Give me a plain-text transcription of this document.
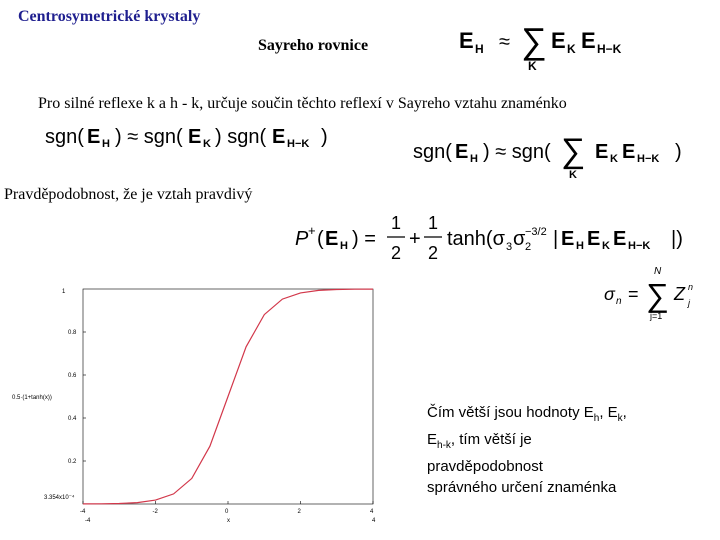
Centrosymetrické krystaly
Sayreho rovnice	E H ≈ ∑
K
E K E H−K
Pro silné reflexe k a h - k, určuje součin těchto reflexí v Sayreho vztahu znaménko
sgn( E H ) ≈ sgn( E K ) sgn( E H−K )
sgn( E H ) ≈ sgn( ∑
K
E K E H−K )
Pravděpodobnost, že je vztah pravdivý
P + ( E H ) =
1
2
+
1
2
tanh(σ 3 σ 2
−3/2 | E H E K E H−K |)
σ n =
N
∑
j=1
Z n
j
0.5·(1+tanh(x))
0.2
0.4
0.6
0.8
-4	-2	0	2	4
1
3.354x10⁻⁴
-4	x	4
Čím větší jsou hodnoty $E_h$, $E_k$,
$E_{h-k}$, tím větší je
pravděpodobnost
správného určení znaménka
